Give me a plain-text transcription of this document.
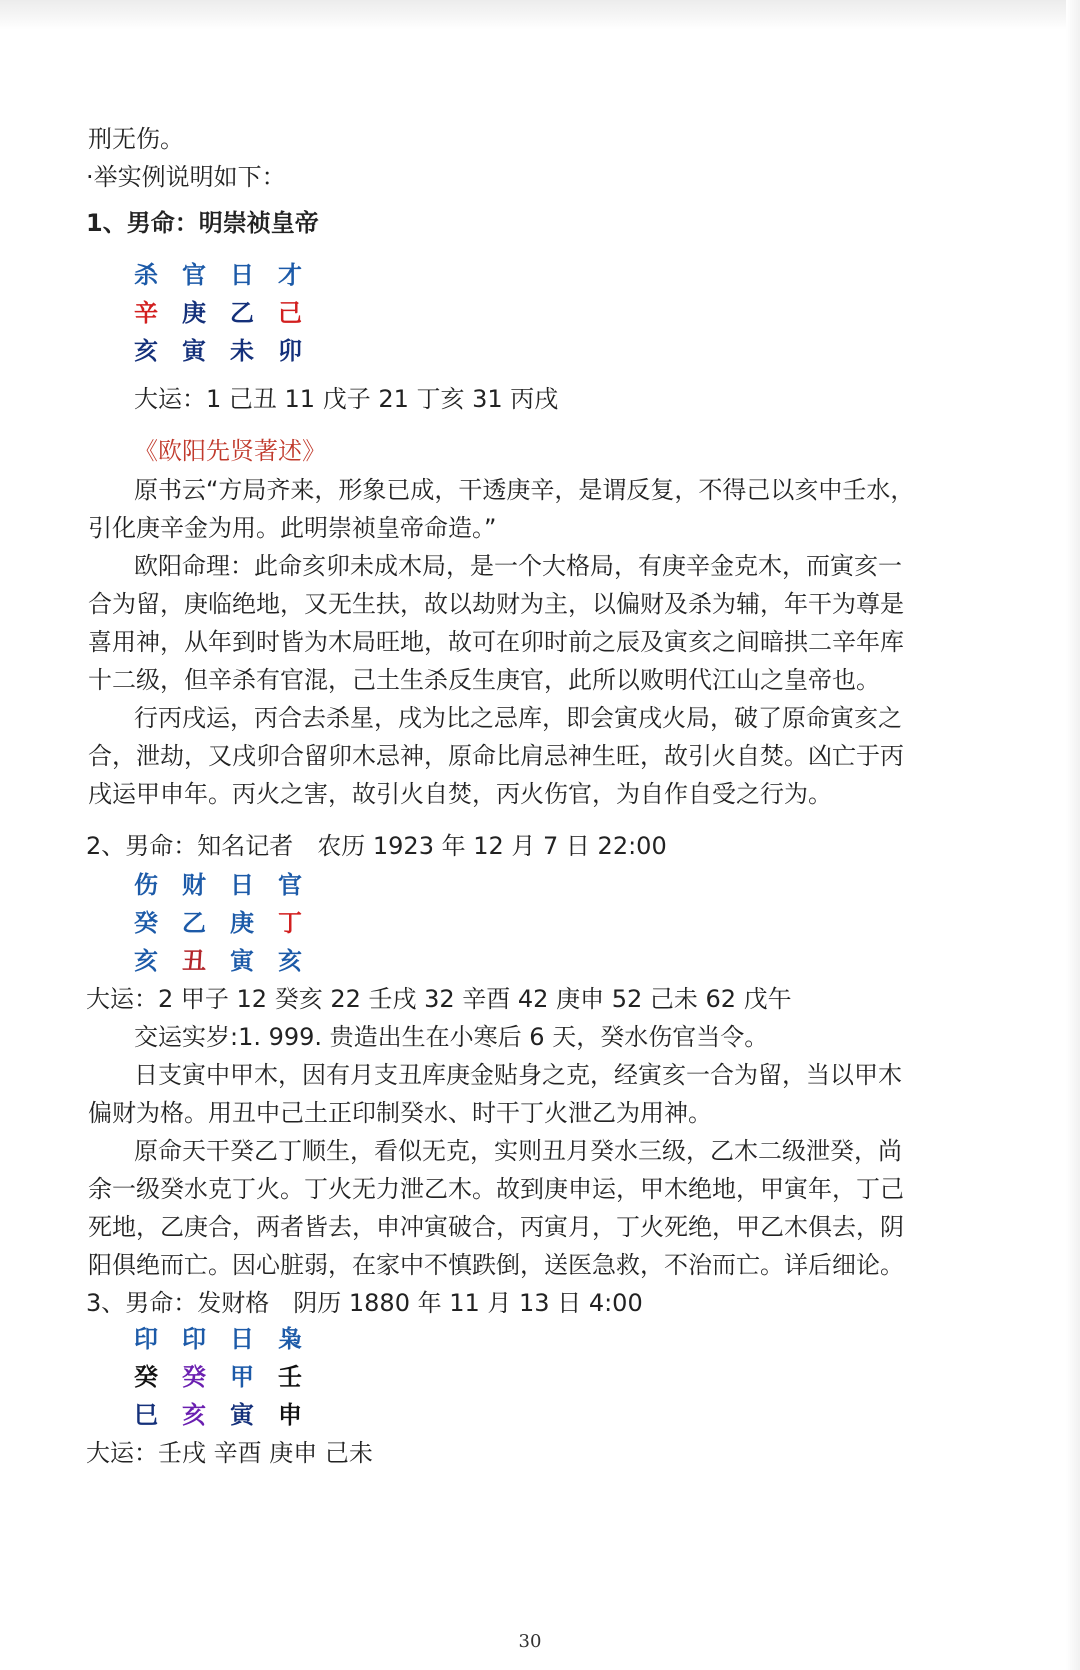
刑无伤。
·举实例说明如下：
1、男命：明崇祯皇帝
杀	官	日	才
辛	庚	乙	己
亥	寅	未	卯
大运：1 己丑 11 戊子 21 丁亥 31 丙戌
《欧阳先贤著述》
原书云“方局齐来，形象已成，干透庚辛，是谓反复，不得己以亥中壬水，
引化庚辛金为用。此明崇祯皇帝命造。”
欧阳命理：此命亥卯未成木局，是一个大格局，有庚辛金克木，而寅亥一
合为留，庚临绝地，又无生扶，故以劫财为主，以偏财及杀为辅，年干为尊是
喜用神，从年到时皆为木局旺地，故可在卯时前之辰及寅亥之间暗拱二辛年库
十二级，但辛杀有官混，己土生杀反生庚官，此所以败明代江山之皇帝也。
行丙戌运，丙合去杀星，戌为比之忌库，即会寅戌火局，破了原命寅亥之
合，泄劫，又戌卯合留卯木忌神，原命比肩忌神生旺，故引火自焚。凶亡于丙
戌运甲申年。丙火之害，故引火自焚，丙火伤官，为自作自受之行为。
2、男命：知名记者　农历 1923 年 12 月 7 日 22:00
伤	财	日	官
癸	乙	庚	丁
亥	丑	寅	亥
大运：2 甲子 12 癸亥 22 壬戌 32 辛酉 42 庚申 52 己未 62 戊午
交运实岁:1. 999. 贵造出生在小寒后 6 天，癸水伤官当令。
日支寅中甲木，因有月支丑库庚金贴身之克，经寅亥一合为留，当以甲木
偏财为格。用丑中己土正印制癸水、时干丁火泄乙为用神。
原命天干癸乙丁顺生，看似无克，实则丑月癸水三级，乙木二级泄癸，尚
余一级癸水克丁火。丁火无力泄乙木。故到庚申运，甲木绝地，甲寅年，丁己
死地，乙庚合，两者皆去，申冲寅破合，丙寅月，丁火死绝，甲乙木俱去，阴
阳俱绝而亡。因心脏弱，在家中不慎跌倒，送医急救，不治而亡。详后细论。
3、男命：发财格　阴历 1880 年 11 月 13 日 4:00
印	印	日	枭
癸	癸	甲	壬
巳	亥	寅	申
大运：壬戌 辛酉 庚申 己未
30
